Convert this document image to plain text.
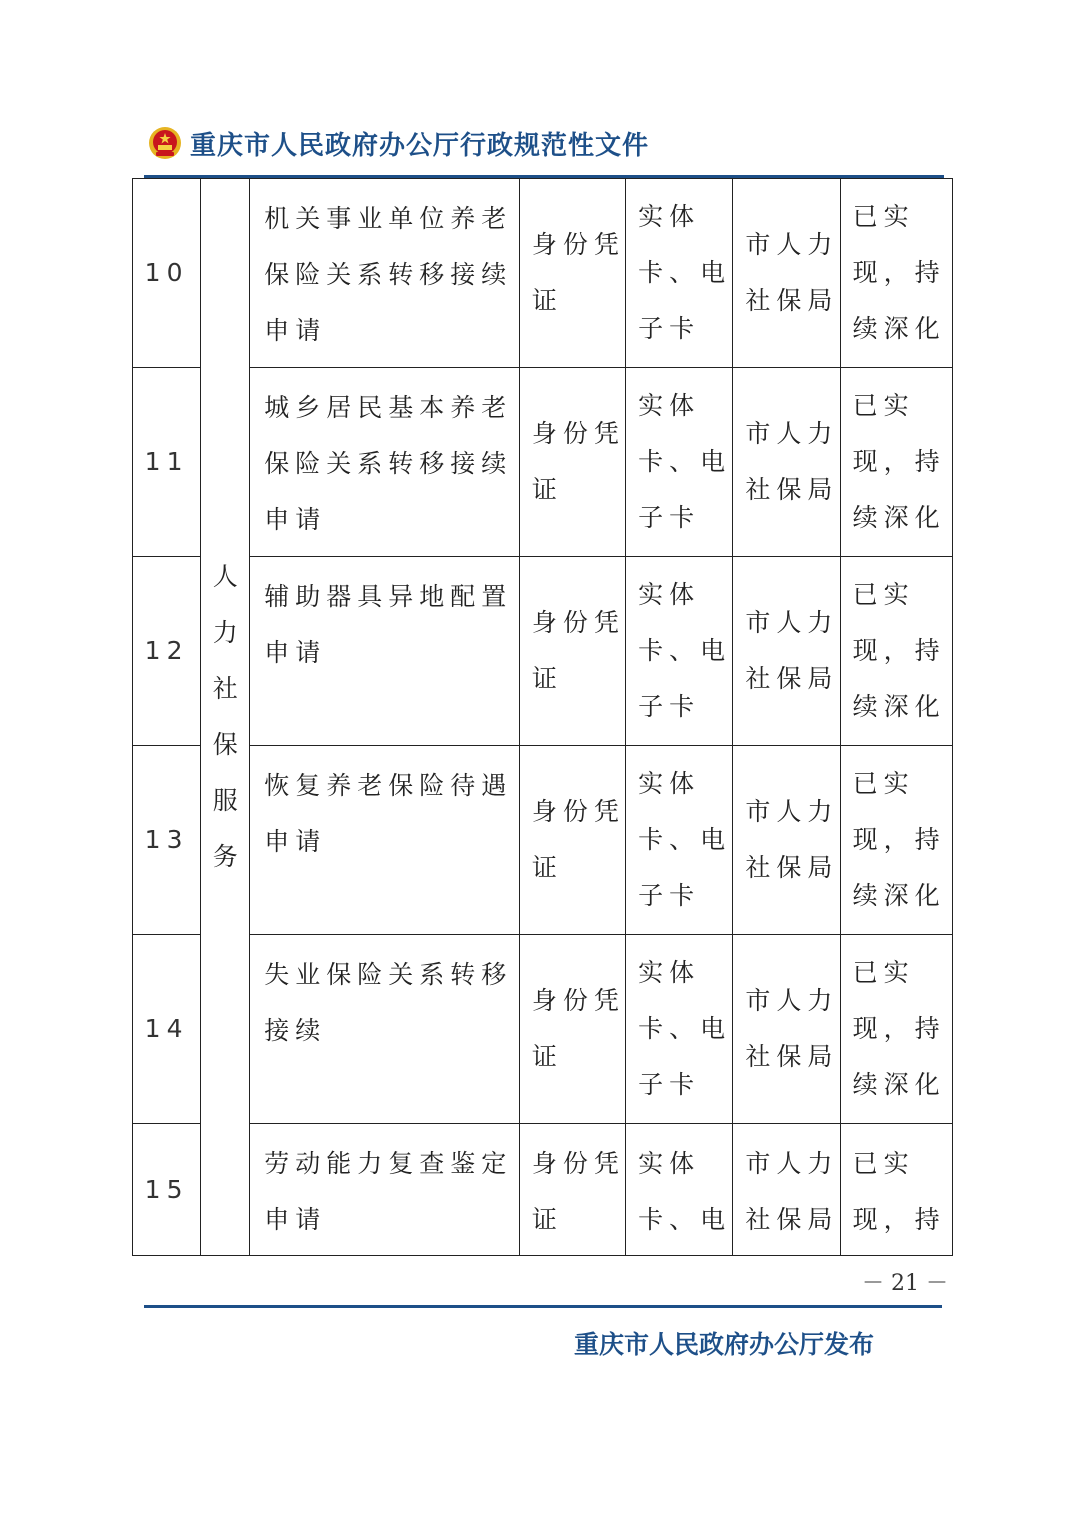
重庆市人民政府办公厅行政规范性文件
10	人力社保服务	机关事业单位养老保险关系转移接续申请	身份凭证	实体卡、电子卡	市人力社保局	已实现，持续深化
11		城乡居民基本养老保险关系转移接续申请	身份凭证	实体卡、电子卡	市人力社保局	已实现，持续深化
12		辅助器具异地配置申请	身份凭证	实体卡、电子卡	市人力社保局	已实现，持续深化
13		恢复养老保险待遇申请	身份凭证	实体卡、电子卡	市人力社保局	已实现，持续深化
14		失业保险关系转移接续	身份凭证	实体卡、电子卡	市人力社保局	已实现，持续深化
15		劳动能力复查鉴定申请	身份凭证	实体卡、电	市人力社保局	已实现，持
－ 21 －
重庆市人民政府办公厅发布
